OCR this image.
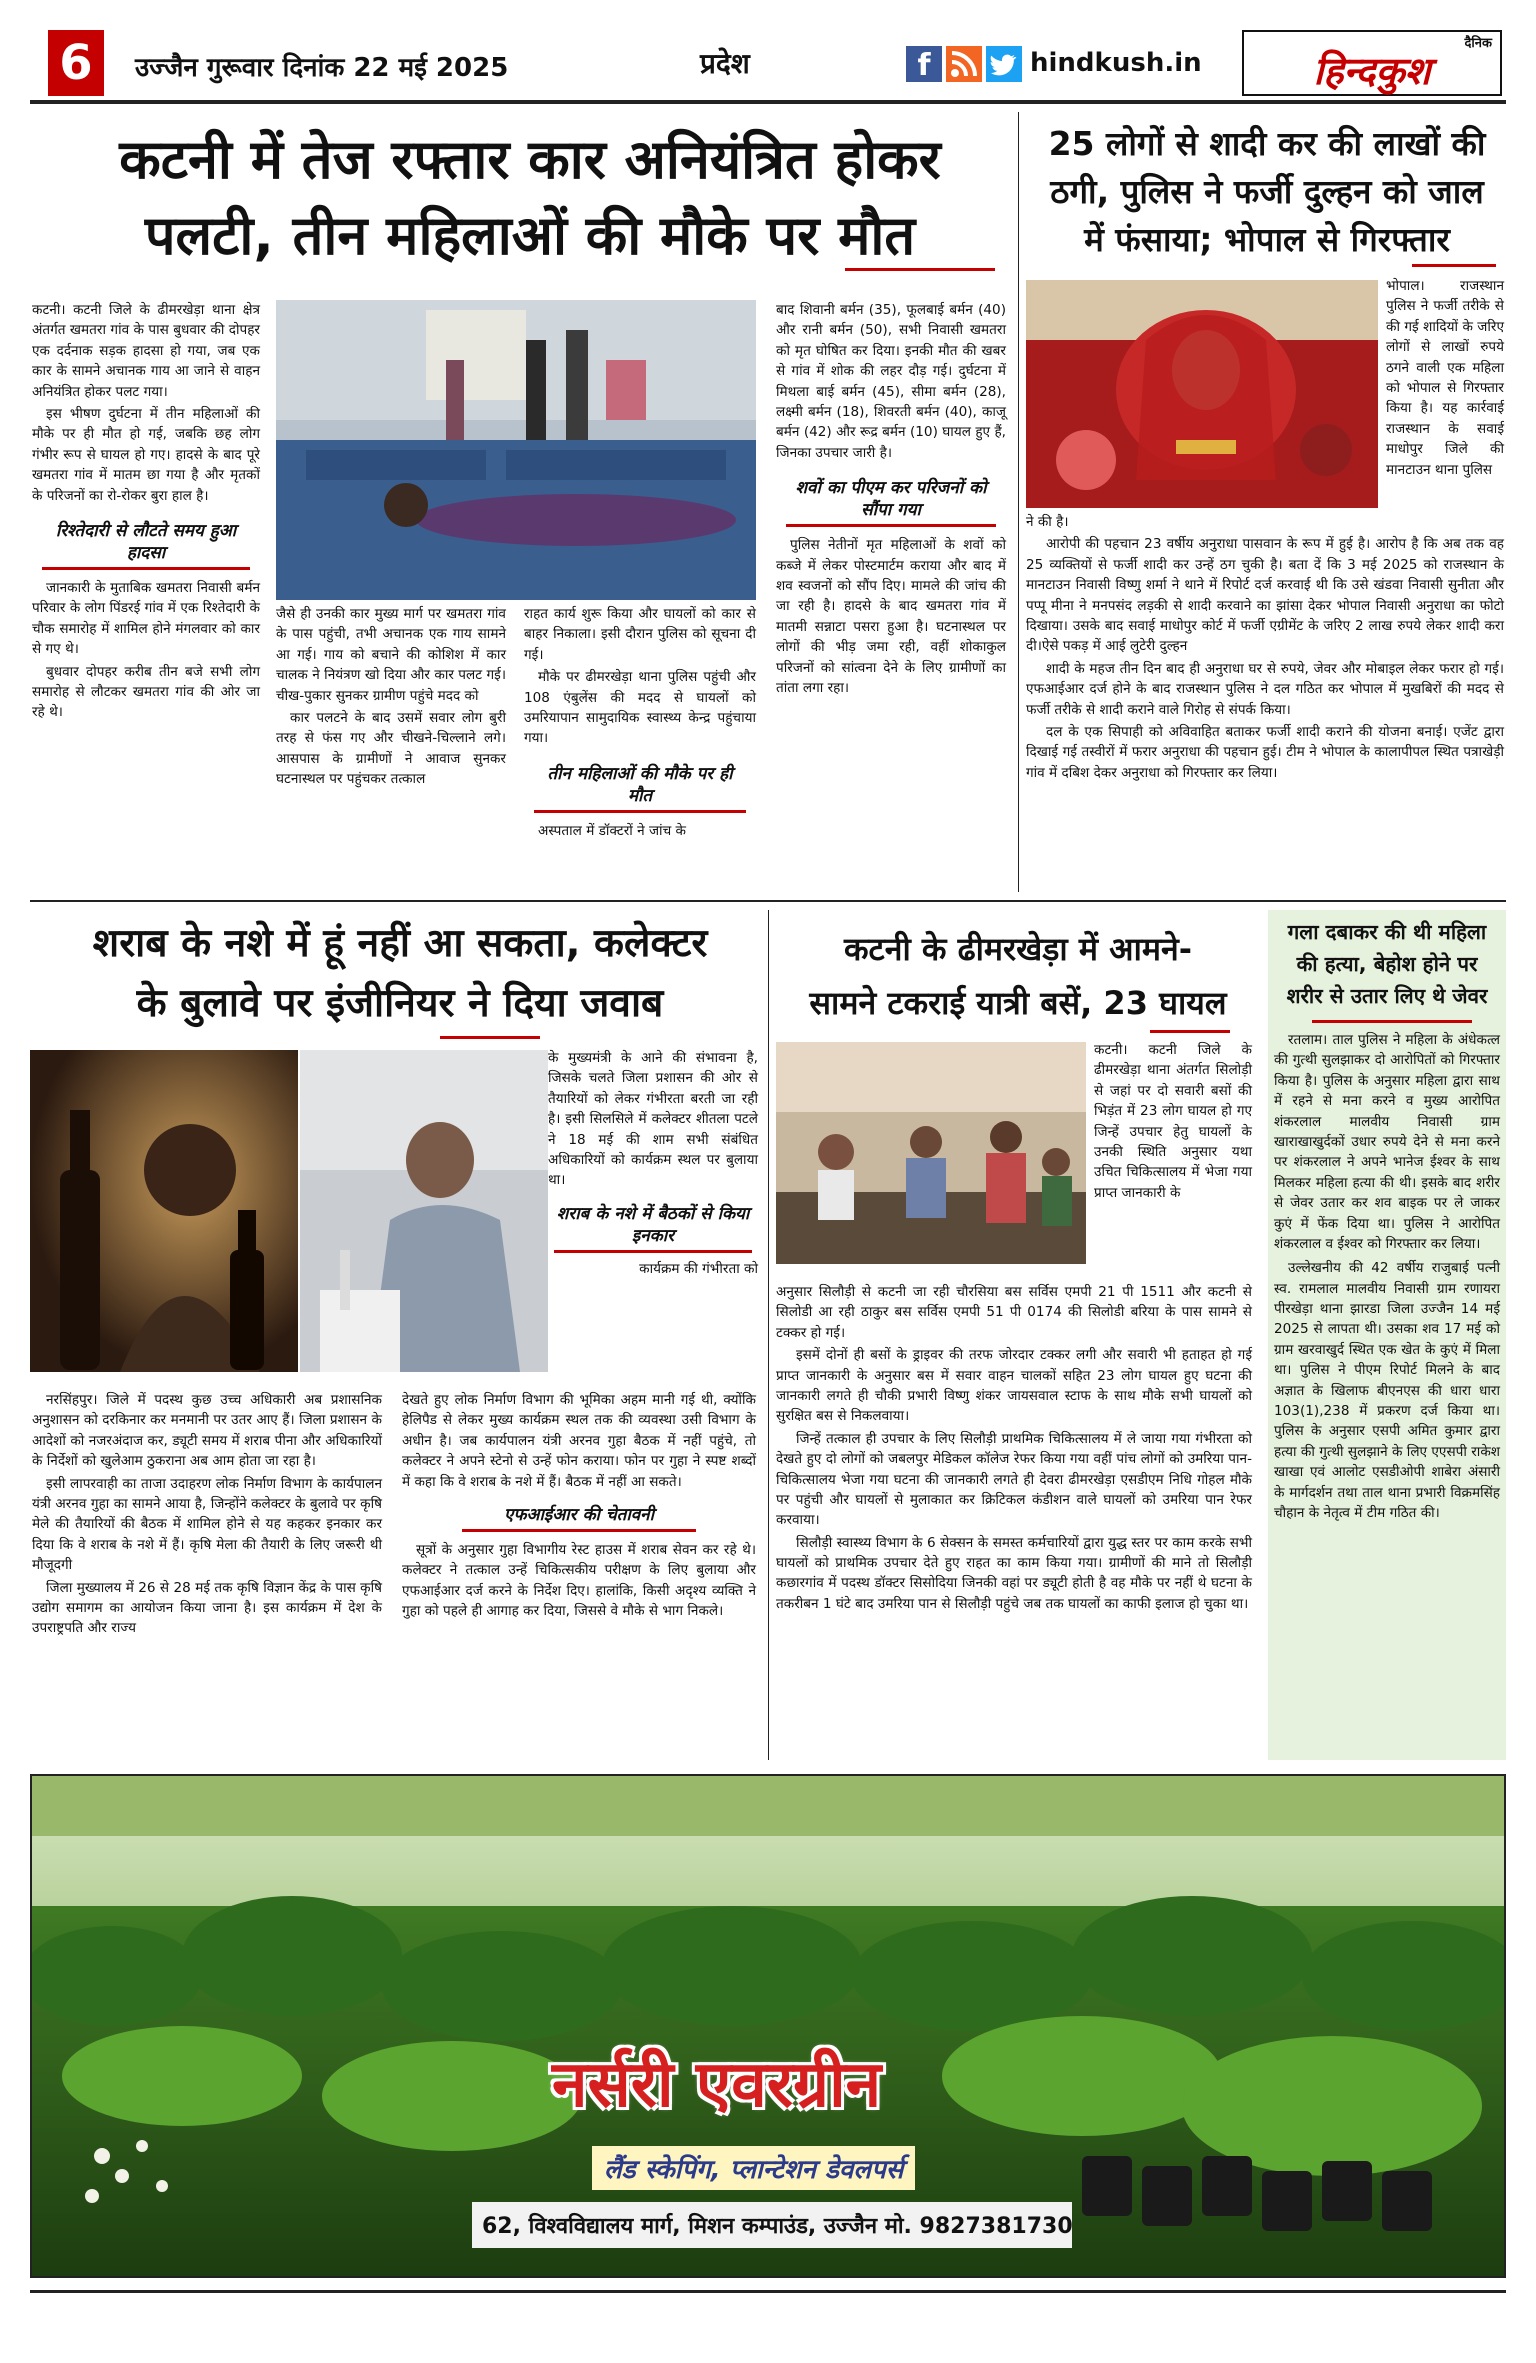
6	उज्जैन गुरूवार दिनांक 22 मई 2025	प्रदेश	f	hindkush.in
दैनिक
हिन्दकुश
कटनी में तेज रफ्तार कार अनियंत्रित होकर
पलटी, तीन महिलाओं की मौके पर मौत

कटनी। कटनी जिले के ढीमरखेड़ा थाना क्षेत्र अंतर्गत खमतरा गांव के पास बुधवार की दोपहर एक दर्दनाक सड़क हादसा हो गया, जब एक कार के सामने अचानक गाय आ जाने से वाहन अनियंत्रित होकर पलट गया।

इस भीषण दुर्घटना में तीन महिलाओं की मौके पर ही मौत हो गई, जबकि छह लोग गंभीर रूप से घायल हो गए। हादसे के बाद पूरे खमतरा गांव में मातम छा गया है और मृतकों के परिजनों का रो-रोकर बुरा हाल है।

रिश्तेदारी से लौटते समय हुआ हादसा

जानकारी के मुताबिक खमतरा निवासी बर्मन परिवार के लोग पिंडरई गांव में एक रिश्तेदारी के चौक समारोह में शामिल होने मंगलवार को कार से गए थे।

बुधवार दोपहर करीब तीन बजे सभी लोग समारोह से लौटकर खमतरा गांव की ओर जा रहे थे।

जैसे ही उनकी कार मुख्य मार्ग पर खमतरा गांव के पास पहुंची, तभी अचानक एक गाय सामने आ गई। गाय को बचाने की कोशिश में कार चालक ने नियंत्रण खो दिया और कार पलट गई।चीख-पुकार सुनकर ग्रामीण पहुंचे मदद को

कार पलटने के बाद उसमें सवार लोग बुरी तरह से फंस गए और चीखने-चिल्लाने लगे। आसपास के ग्रामीणों ने आवाज सुनकर घटनास्थल पर पहुंचकर तत्काल

राहत कार्य शुरू किया और घायलों को कार से बाहर निकाला। इसी दौरान पुलिस को सूचना दी गई।

मौके पर ढीमरखेड़ा थाना पुलिस पहुंची और 108 एंबुलेंस की मदद से घायलों को उमरियापान सामुदायिक स्वास्थ्य केन्द्र पहुंचाया गया।

तीन महिलाओं की मौके पर ही मौत

अस्पताल में डॉक्टरों ने जांच के

बाद शिवानी बर्मन (35), फूलबाई बर्मन (40) और रानी बर्मन (50), सभी निवासी खमतरा को मृत घोषित कर दिया। इनकी मौत की खबर से गांव में शोक की लहर दौड़ गई। दुर्घटना में मिथला बाई बर्मन (45), सीमा बर्मन (28), लक्ष्मी बर्मन (18), शिवरती बर्मन (40), काजू बर्मन (42) और रूद्र बर्मन (10) घायल हुए हैं, जिनका उपचार जारी है।

शवों का पीएम कर परिजनों को सौंपा गया

पुलिस नेतीनों मृत महिलाओं के शवों को कब्जे में लेकर पोस्टमार्टम कराया और बाद में शव स्वजनों को सौंप दिए। मामले की जांच की जा रही है। हादसे के बाद खमतरा गांव में मातमी सन्नाटा पसरा हुआ है। घटनास्थल पर लोगों की भीड़ जमा रही, वहीं शोकाकुल परिजनों को सांत्वना देने के लिए ग्रामीणों का तांता लगा रहा।

25 लोगों से शादी कर की लाखों की
ठगी, पुलिस ने फर्जी दुल्हन को जाल
में फंसाया; भोपाल से गिरफ्तार

भोपाल। राजस्थान पुलिस ने फर्जी तरीके से की गई शादियों के जरिए लोगों से लाखों रुपये ठगने वाली एक महिला को भोपाल से गिरफ्तार किया है। यह कार्रवाई राजस्थान के सवाई माधोपुर जिले की मानटाउन थाना पुलिस

ने की है।

आरोपी की पहचान 23 वर्षीय अनुराधा पासवान के रूप में हुई है। आरोप है कि अब तक वह 25 व्यक्तियों से फर्जी शादी कर उन्हें ठग चुकी है। बता दें कि 3 मई 2025 को राजस्थान के मानटाउन निवासी विष्णु शर्मा ने थाने में रिपोर्ट दर्ज करवाई थी कि उसे खंडवा निवासी सुनीता और पप्पू मीना ने मनपसंद लड़की से शादी करवाने का झांसा देकर भोपाल निवासी अनुराधा का फोटो दिखाया। उसके बाद सवाई माधोपुर कोर्ट में फर्जी एग्रीमेंट के जरिए 2 लाख रुपये लेकर शादी करा दी।ऐसे पकड़ में आई लुटेरी दुल्हन

शादी के महज तीन दिन बाद ही अनुराधा घर से रुपये, जेवर और मोबाइल लेकर फरार हो गई। एफआईआर दर्ज होने के बाद राजस्थान पुलिस ने दल गठित कर भोपाल में मुखबिरों की मदद से फर्जी तरीके से शादी कराने वाले गिरोह से संपर्क किया।

दल के एक सिपाही को अविवाहित बताकर फर्जी शादी कराने की योजना बनाई। एजेंट द्वारा दिखाई गई तस्वीरों में फरार अनुराधा की पहचान हुई। टीम ने भोपाल के कालापीपल स्थित पत्राखेड़ी गांव में दबिश देकर अनुराधा को गिरफ्तार कर लिया।

शराब के नशे में हूं नहीं आ सकता, कलेक्टर
के बुलावे पर इंजीनियर ने दिया जवाब

के मुख्यमंत्री के आने की संभावना है, जिसके चलते जिला प्रशासन की ओर से तैयारियों को लेकर गंभीरता बरती जा रही है। इसी सिलसिले में कलेक्टर शीतला पटले ने 18 मई की शाम सभी संबंधित अधिकारियों को कार्यक्रम स्थल पर बुलाया था।

शराब के नशे में बैठकों से किया इनकार

कार्यक्रम की गंभीरता को

नरसिंहपुर। जिले में पदस्थ कुछ उच्च अधिकारी अब प्रशासनिक अनुशासन को दरकिनार कर मनमानी पर उतर आए हैं। जिला प्रशासन के आदेशों को नजरअंदाज कर, ड्यूटी समय में शराब पीना और अधिकारियों के निर्देशों को खुलेआम ठुकराना अब आम होता जा रहा है।

इसी लापरवाही का ताजा उदाहरण लोक निर्माण विभाग के कार्यपालन यंत्री अरनव गुहा का सामने आया है, जिन्होंने कलेक्टर के बुलावे पर कृषि मेले की तैयारियों की बैठक में शामिल होने से यह कहकर इनकार कर दिया कि वे शराब के नशे में हैं। कृषि मेला की तैयारी के लिए जरूरी थी मौजूदगी

जिला मुख्यालय में 26 से 28 मई तक कृषि विज्ञान केंद्र के पास कृषि उद्योग समागम का आयोजन किया जाना है। इस कार्यक्रम में देश के उपराष्ट्रपति और राज्य

देखते हुए लोक निर्माण विभाग की भूमिका अहम मानी गई थी, क्योंकि हेलिपैड से लेकर मुख्य कार्यक्रम स्थल तक की व्यवस्था उसी विभाग के अधीन है। जब कार्यपालन यंत्री अरनव गुहा बैठक में नहीं पहुंचे, तो कलेक्टर ने अपने स्टेनो से उन्हें फोन कराया। फोन पर गुहा ने स्पष्ट शब्दों में कहा कि वे शराब के नशे में हैं। बैठक में नहीं आ सकते।

एफआईआर की चेतावनी

सूत्रों के अनुसार गुहा विभागीय रेस्ट हाउस में शराब सेवन कर रहे थे। कलेक्टर ने तत्काल उन्हें चिकित्सकीय परीक्षण के लिए बुलाया और एफआईआर दर्ज करने के निर्देश दिए। हालांकि, किसी अदृश्य व्यक्ति ने गुहा को पहले ही आगाह कर दिया, जिससे वे मौके से भाग निकले।

कटनी के ढीमरखेड़ा में आमने-
सामने टकराई यात्री बसें, 23 घायल

कटनी। कटनी जिले के ढीमरखेड़ा थाना अंतर्गत सिलोड़ी से जहां पर दो सवारी बसों की भिड़ंत में 23 लोग घायल हो गए जिन्हें उपचार हेतु घायलों के उनकी स्थिति अनुसार यथा उचित चिकित्सालय में भेजा गया प्राप्त जानकारी के

अनुसार सिलौड़ी से कटनी जा रही चौरसिया बस सर्विस एमपी 21 पी 1511 और कटनी से सिलोडी आ रही ठाकुर बस सर्विस एमपी 51 पी 0174 की सिलोडी बरिया के पास सामने से टक्कर हो गई।

इसमें दोनों ही बसों के ड्राइवर की तरफ जोरदार टक्कर लगी और सवारी भी हताहत हो गई प्राप्त जानकारी के अनुसार बस में सवार वाहन चालकों सहित 23 लोग घायल हुए घटना की जानकारी लगते ही चौकी प्रभारी विष्णु शंकर जायसवाल स्टाफ के साथ मौके सभी घायलों को सुरक्षित बस से निकलवाया।

जिन्हें तत्काल ही उपचार के लिए सिलौड़ी प्राथमिक चिकित्सालय में ले जाया गया गंभीरता को देखते हुए दो लोगों को जबलपुर मेडिकल कॉलेज रेफर किया गया वहीं पांच लोगों को उमरिया पान- चिकित्सालय भेजा गया घटना की जानकारी लगते ही देवरा ढीमरखेड़ा एसडीएम निधि गोहल मौके पर पहुंची और घायलों से मुलाकात कर क्रिटिकल कंडीशन वाले घायलों को उमरिया पान रेफर करवाया।

सिलौड़ी स्वास्थ्य विभाग के 6 सेक्सन के समस्त कर्मचारियों द्वारा युद्ध स्तर पर काम करके सभी घायलों को प्राथमिक उपचार देते हुए राहत का काम किया गया। ग्रामीणों की माने तो सिलौड़ी कछारगांव में पदस्थ डॉक्टर सिसोदिया जिनकी वहां पर ड्यूटी होती है वह मौके पर नहीं थे घटना के तकरीबन 1 घंटे बाद उमरिया पान से सिलौड़ी पहुंचे जब तक घायलों का काफी इलाज हो चुका था।

गला दबाकर की थी महिला
की हत्या, बेहोश होने पर
शरीर से उतार लिए थे जेवर

रतलाम। ताल पुलिस ने महिला के अंधेकत्ल की गुत्थी सुलझाकर दो आरोपितों को गिरफ्तार किया है। पुलिस के अनुसार महिला द्वारा साथ में रहने से मना करने व मुख्य आरोपित शंकरलाल मालवीय निवासी ग्राम खाराखाखुर्दकों उधार रुपये देने से मना करने पर शंकरलाल ने अपने भानेज ईश्वर के साथ मिलकर महिला हत्या की थी। इसके बाद शरीर से जेवर उतार कर शव बाइक पर ले जाकर कुएं में फेंक दिया था। पुलिस ने आरोपित शंकरलाल व ईश्वर को गिरफ्तार कर लिया।

उल्लेखनीय की 42 वर्षीय राजुबाई पत्नी स्व. रामलाल मालवीय निवासी ग्राम रणायरा पीरखेड़ा थाना झारडा जिला उज्जैन 14 मई 2025 से लापता थी। उसका शव 17 मई को ग्राम खरवाखुर्द स्थित एक खेत के कुएं में मिला था। पुलिस ने पीएम रिपोर्ट मिलने के बाद अज्ञात के खिलाफ बीएनएस की धारा धारा 103(1),238 में प्रकरण दर्ज किया था। पुलिस के अनुसार एसपी अमित कुमार द्वारा हत्या की गुत्थी सुलझाने के लिए एएसपी राकेश खाखा एवं आलोट एसडीओपी शाबेरा अंसारी के मार्गदर्शन तथा ताल थाना प्रभारी विक्रमसिंह चौहान के नेतृत्व में टीम गठित की।

नर्सरी एवरग्रीन
लैंड स्केपिंग, प्लान्टेशन डेवलपर्स
62, विश्वविद्यालय मार्ग, मिशन कम्पाउंड, उज्जैन मो. 9827381730
